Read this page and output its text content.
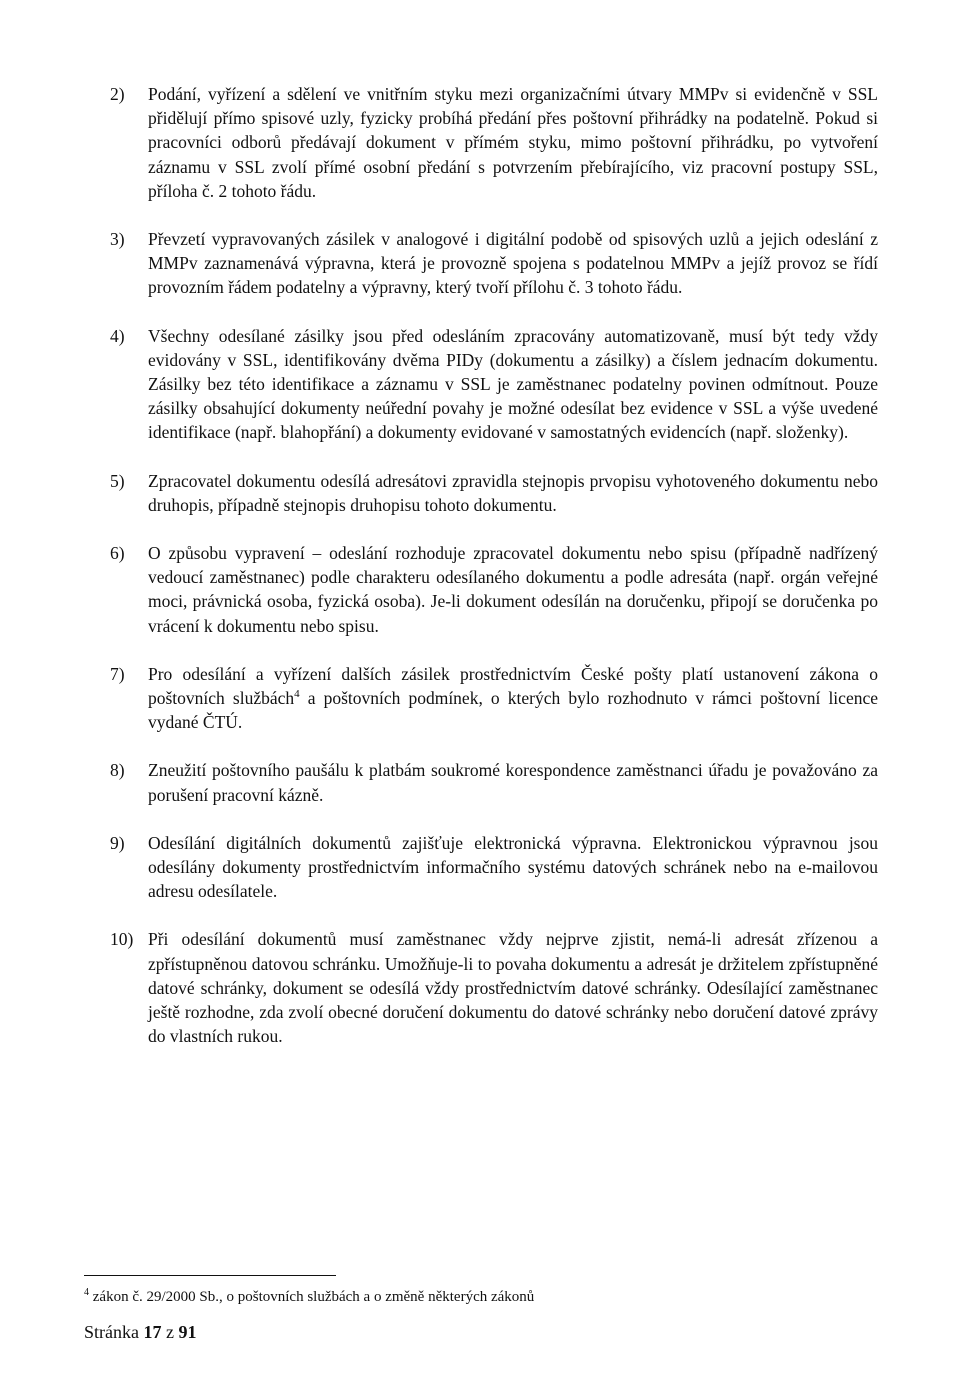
2)	Podání, vyřízení a sdělení ve vnitřním styku mezi organizačními útvary MMPv si evidenčně v SSL přidělují přímo spisové uzly, fyzicky probíhá předání přes poštovní přihrádky na podatelně. Pokud si pracovníci odborů předávají dokument v přímém styku, mimo poštovní přihrádku, po vytvoření záznamu v SSL zvolí přímé osobní předání s potvrzením přebírajícího, viz pracovní postupy SSL, příloha č. 2 tohoto řádu.
3)	Převzetí vypravovaných zásilek v analogové i digitální podobě od spisových uzlů a jejich odeslání z MMPv zaznamenává výpravna, která je provozně spojena s podatelnou MMPv a jejíž provoz se řídí provozním řádem podatelny a výpravny, který tvoří přílohu č. 3 tohoto řádu.
4)	Všechny odesílané zásilky jsou před odesláním zpracovány automatizovaně, musí být tedy vždy evidovány v SSL, identifikovány dvěma PIDy (dokumentu a zásilky) a číslem jednacím dokumentu. Zásilky bez této identifikace a záznamu v SSL je zaměstnanec podatelny povinen odmítnout. Pouze zásilky obsahující dokumenty neúřední povahy je možné odesílat bez evidence v SSL a výše uvedené identifikace (např. blahopřání) a dokumenty evidované v samostatných evidencích (např. složenky).
5)	Zpracovatel dokumentu odesílá adresátovi zpravidla stejnopis prvopisu vyhotoveného dokumentu nebo druhopis, případně stejnopis druhopisu tohoto dokumentu.
6)	O způsobu vypravení – odeslání rozhoduje zpracovatel dokumentu nebo spisu (případně nadřízený vedoucí zaměstnanec) podle charakteru odesílaného dokumentu a podle adresáta (např. orgán veřejné moci, právnická osoba, fyzická osoba). Je-li dokument odesílán na doručenku, připojí se doručenka po vrácení k dokumentu nebo spisu.
7)	Pro odesílání a vyřízení dalších zásilek prostřednictvím České pošty platí ustanovení zákona o poštovních službách$^4$ a poštovních podmínek, o kterých bylo rozhodnuto v rámci poštovní licence vydané ČTÚ.
8)	Zneužití poštovního paušálu k platbám soukromé korespondence zaměstnanci úřadu je považováno za porušení pracovní kázně.
9)	Odesílání digitálních dokumentů zajišťuje elektronická výpravna. Elektronickou výpravnou jsou odesílány dokumenty prostřednictvím informačního systému datových schránek nebo na e-mailovou adresu odesílatele.
10) Při odesílání dokumentů musí zaměstnanec vždy nejprve zjistit, nemá-li adresát zřízenou a zpřístupněnou datovou schránku. Umožňuje-li to povaha dokumentu a adresát je držitelem zpřístupněné datové schránky, dokument se odesílá vždy prostřednictvím datové schránky. Odesílající zaměstnanec ještě rozhodne, zda zvolí obecné doručení dokumentu do datové schránky nebo doručení datové zprávy do vlastních rukou.
$^4$ zákon č. 29/2000 Sb., o poštovních službách a o změně některých zákonů
Stránka 17 z 91
